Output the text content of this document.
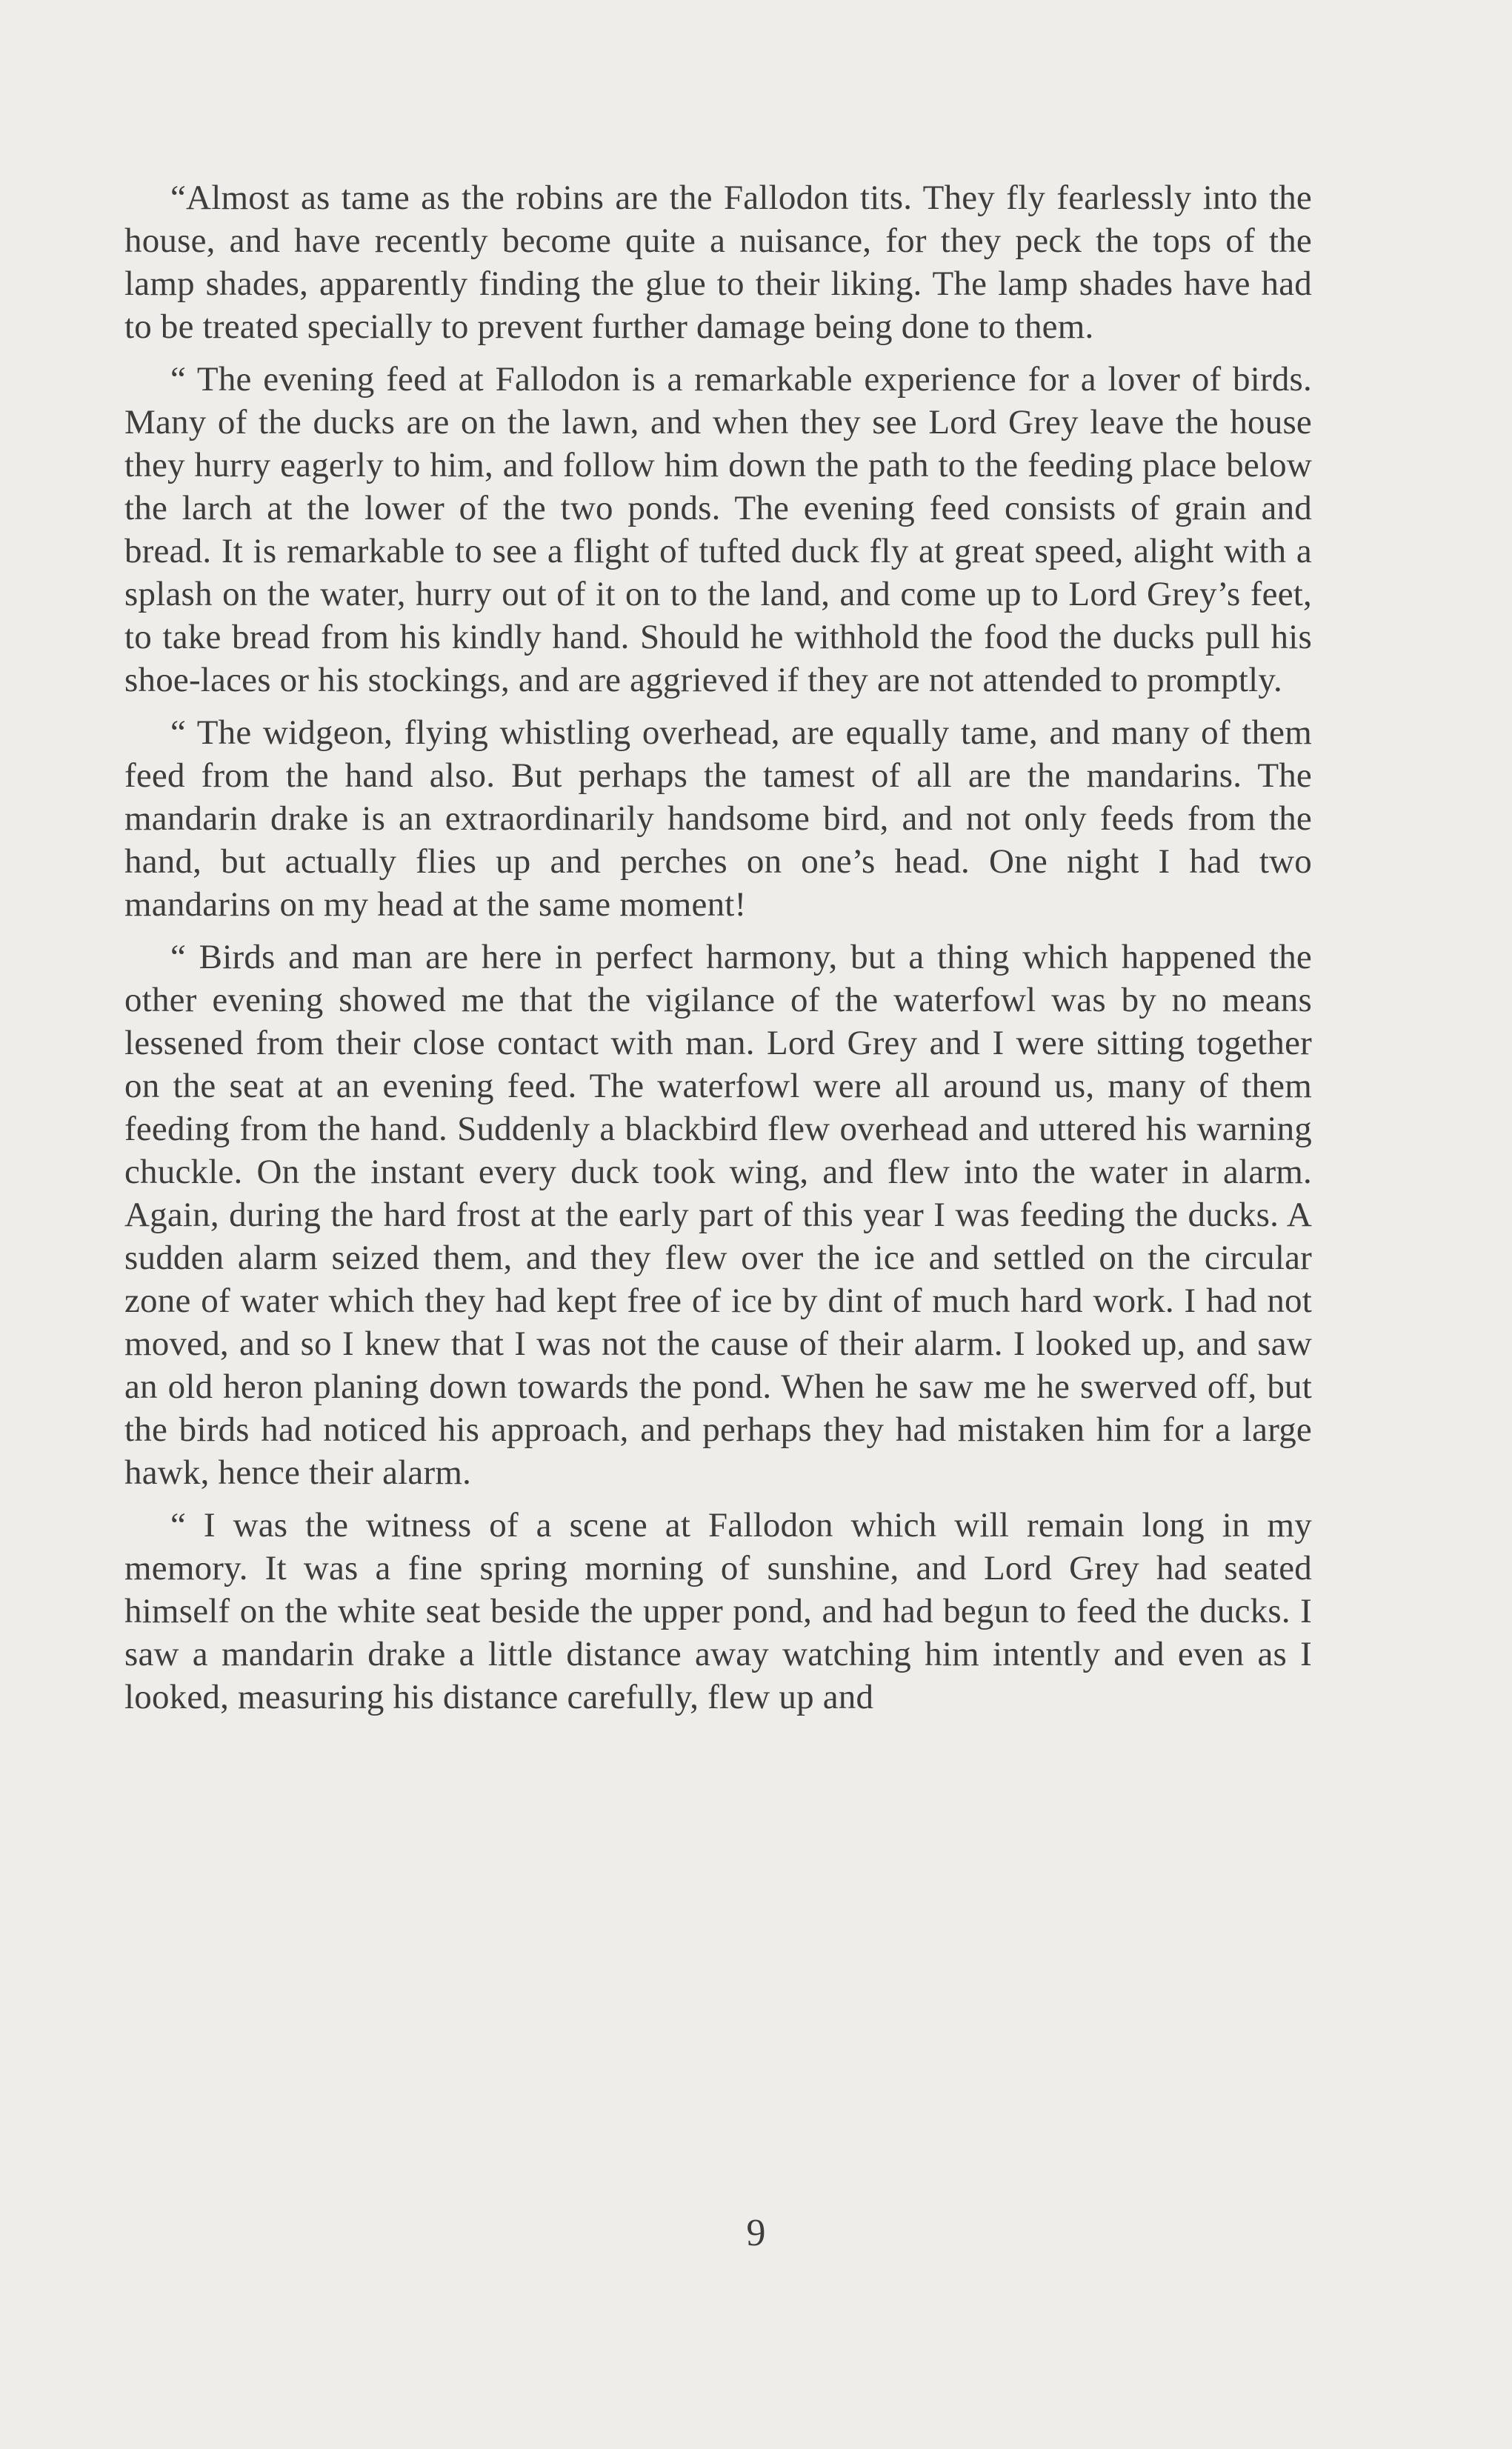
“Almost as tame as the robins are the Fallodon tits. They fly fearlessly into the house, and have recently become quite a nuisance, for they peck the tops of the lamp shades, apparently finding the glue to their liking. The lamp shades have had to be treated specially to prevent further damage being done to them.

“ The evening feed at Fallodon is a remarkable experience for a lover of birds. Many of the ducks are on the lawn, and when they see Lord Grey leave the house they hurry eagerly to him, and follow him down the path to the feeding place below the larch at the lower of the two ponds. The evening feed consists of grain and bread. It is remarkable to see a flight of tufted duck fly at great speed, alight with a splash on the water, hurry out of it on to the land, and come up to Lord Grey’s feet, to take bread from his kindly hand. Should he withhold the food the ducks pull his shoe-laces or his stockings, and are aggrieved if they are not attended to promptly.

“ The widgeon, flying whistling overhead, are equally tame, and many of them feed from the hand also. But perhaps the tamest of all are the mandarins. The mandarin drake is an extraordinarily handsome bird, and not only feeds from the hand, but actually flies up and perches on one’s head. One night I had two mandarins on my head at the same moment!

“ Birds and man are here in perfect harmony, but a thing which happened the other evening showed me that the vigilance of the waterfowl was by no means lessened from their close contact with man. Lord Grey and I were sitting together on the seat at an evening feed. The waterfowl were all around us, many of them feeding from the hand. Suddenly a blackbird flew overhead and uttered his warning chuckle. On the instant every duck took wing, and flew into the water in alarm. Again, during the hard frost at the early part of this year I was feeding the ducks. A sudden alarm seized them, and they flew over the ice and settled on the circular zone of water which they had kept free of ice by dint of much hard work. I had not moved, and so I knew that I was not the cause of their alarm. I looked up, and saw an old heron planing down towards the pond. When he saw me he swerved off, but the birds had noticed his approach, and perhaps they had mistaken him for a large hawk, hence their alarm.

“ I was the witness of a scene at Fallodon which will remain long in my memory. It was a fine spring morning of sunshine, and Lord Grey had seated himself on the white seat beside the upper pond, and had begun to feed the ducks. I saw a mandarin drake a little distance away watching him intently and even as I looked, measuring his distance carefully, flew up and

9
